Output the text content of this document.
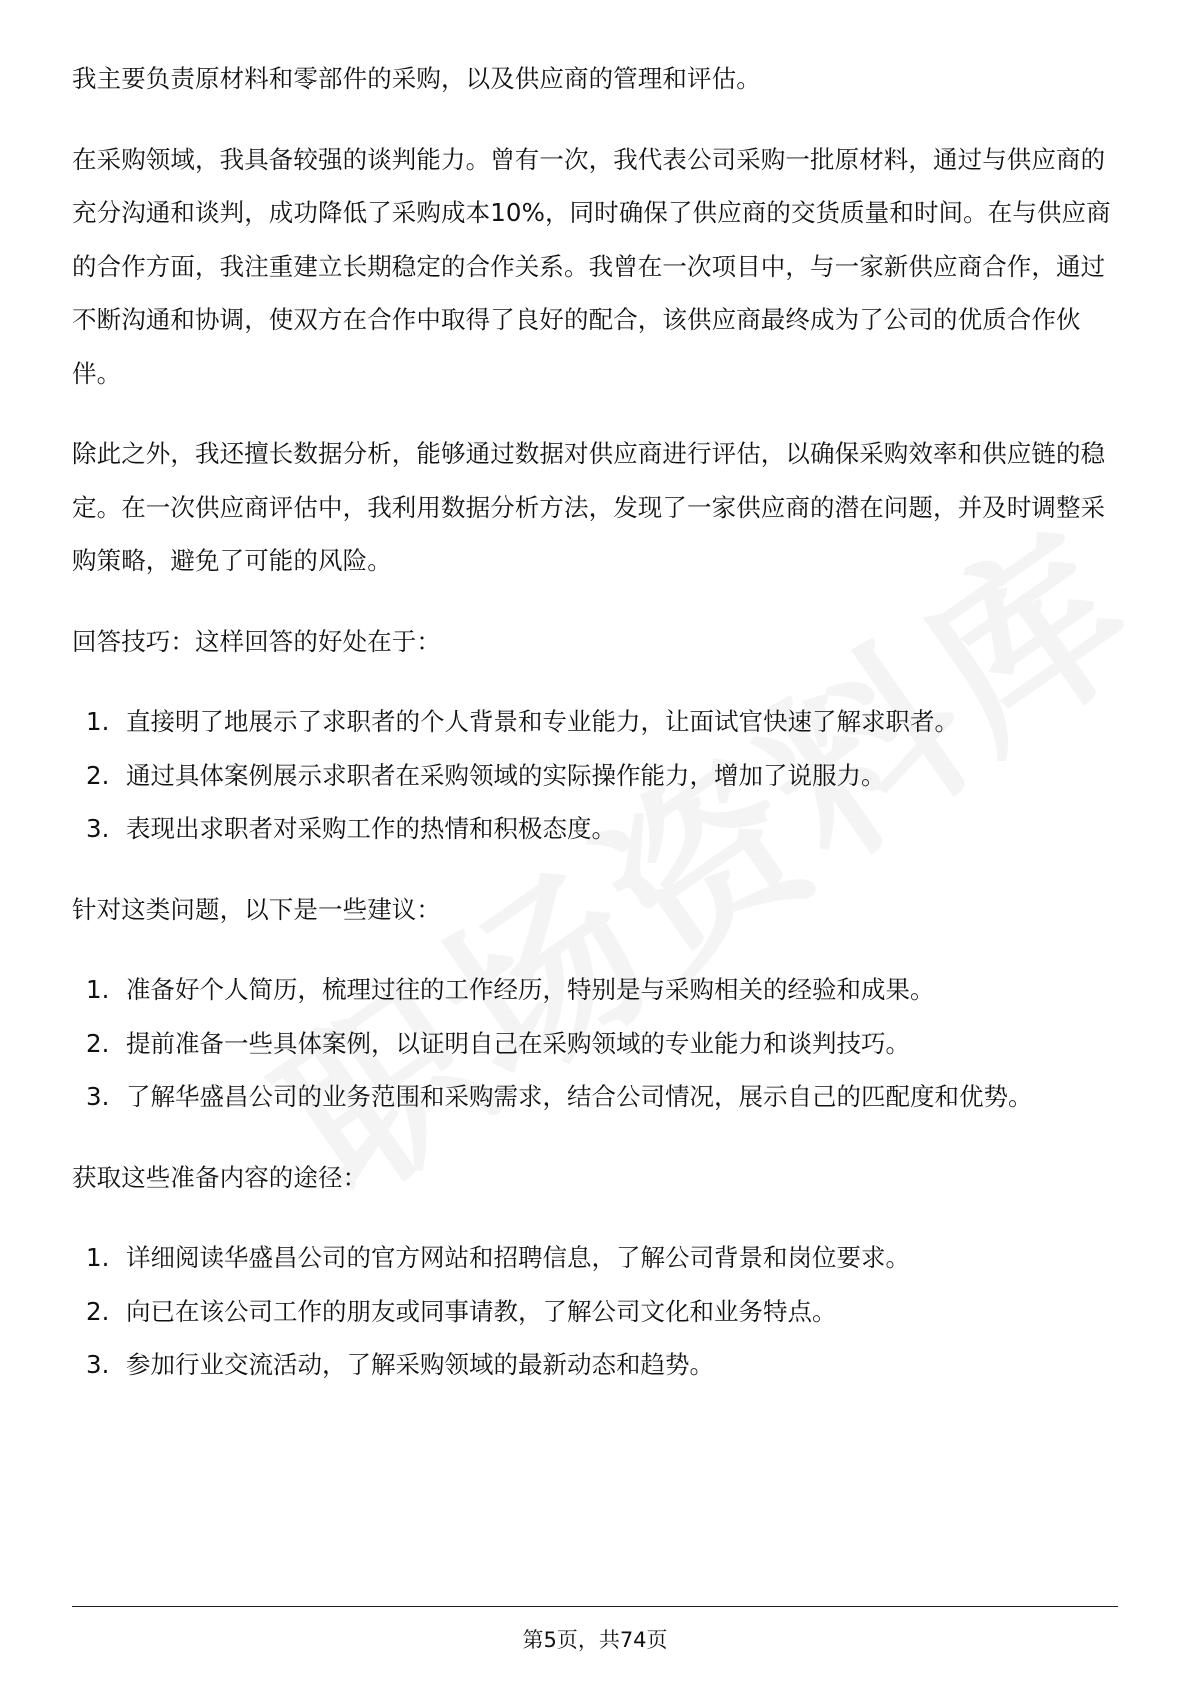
我主要负责原材料和零部件的采购，以及供应商的管理和评估。

在采购领域，我具备较强的谈判能力。曾有一次，我代表公司采购一批原材料，通过与供应商的充分沟通和谈判，成功降低了采购成本10%，同时确保了供应商的交货质量和时间。在与供应商的合作方面，我注重建立长期稳定的合作关系。我曾在一次项目中，与一家新供应商合作，通过不断沟通和协调，使双方在合作中取得了良好的配合，该供应商最终成为了公司的优质合作伙伴。

除此之外，我还擅长数据分析，能够通过数据对供应商进行评估，以确保采购效率和供应链的稳定。在一次供应商评估中，我利用数据分析方法，发现了一家供应商的潜在问题，并及时调整采购策略，避免了可能的风险。

回答技巧：这样回答的好处在于：

1. 直接明了地展示了求职者的个人背景和专业能力，让面试官快速了解求职者。
2. 通过具体案例展示求职者在采购领域的实际操作能力，增加了说服力。
3. 表现出求职者对采购工作的热情和积极态度。

针对这类问题，以下是一些建议：

1. 准备好个人简历，梳理过往的工作经历，特别是与采购相关的经验和成果。
2. 提前准备一些具体案例，以证明自己在采购领域的专业能力和谈判技巧。
3. 了解华盛昌公司的业务范围和采购需求，结合公司情况，展示自己的匹配度和优势。

获取这些准备内容的途径：

1. 详细阅读华盛昌公司的官方网站和招聘信息，了解公司背景和岗位要求。
2. 向已在该公司工作的朋友或同事请教，了解公司文化和业务特点。
3. 参加行业交流活动，了解采购领域的最新动态和趋势。
第5页，共74页
